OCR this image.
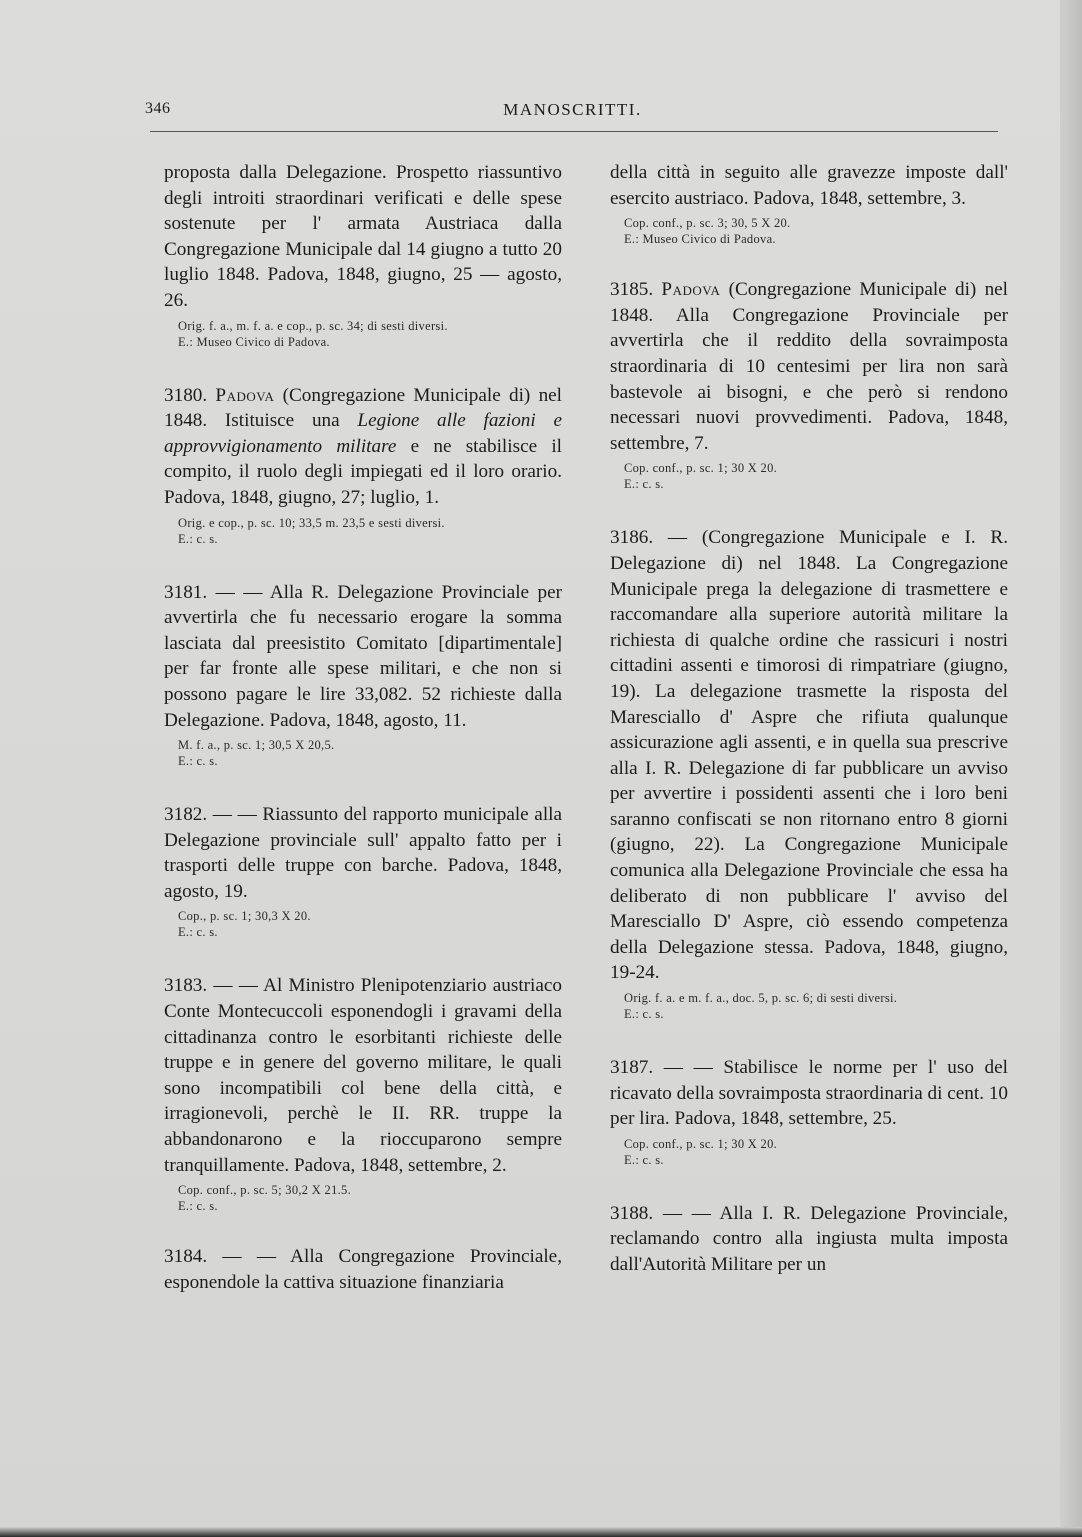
346	MANOSCRITTI.

proposta dalla Delegazione. Prospetto riassuntivo degli introiti straordinari verificati e delle spese sostenute per l' armata Austriaca dalla Congregazione Municipale dal 14 giugno a tutto 20 luglio 1848. Padova, 1848, giugno, 25 — agosto, 26.

Orig. f. a., m. f. a. e cop., p. sc. 34; di sesti diversi.

E.: Museo Civico di Padova.

3180. Padova (Congregazione Municipale di) nel 1848. Istituisce una Legione alle fazioni e approvvigionamento militare e ne stabilisce il compito, il ruolo degli impiegati ed il loro orario. Padova, 1848, giugno, 27; luglio, 1.

Orig. e cop., p. sc. 10; 33,5 m. 23,5 e sesti diversi.

E.: c. s.

3181. — — Alla R. Delegazione Provinciale per avvertirla che fu necessario erogare la somma lasciata dal preesistito Comitato [dipartimentale] per far fronte alle spese militari, e che non si possono pagare le lire 33,082. 52 richieste dalla Delegazione. Padova, 1848, agosto, 11.

M. f. a., p. sc. 1; 30,5 X 20,5.

E.: c. s.

3182. — — Riassunto del rapporto municipale alla Delegazione provinciale sull' appalto fatto per i trasporti delle truppe con barche. Padova, 1848, agosto, 19.

Cop., p. sc. 1; 30,3 X 20.

E.: c. s.

3183. — — Al Ministro Plenipotenziario austriaco Conte Montecuccoli esponendogli i gravami della cittadinanza contro le esorbitanti richieste delle truppe e in genere del governo militare, le quali sono incompatibili col bene della città, e irragionevoli, perchè le II. RR. truppe la abbandonarono e la rioccuparono sempre tranquillamente. Padova, 1848, settembre, 2.

Cop. conf., p. sc. 5; 30,2 X 21.5.

E.: c. s.

3184. — — Alla Congregazione Provinciale, esponendole la cattiva situazione finanziaria

della città in seguito alle gravezze imposte dall' esercito austriaco. Padova, 1848, settembre, 3.

Cop. conf., p. sc. 3; 30, 5 X 20.

E.: Museo Civico di Padova.

3185. Padova (Congregazione Municipale di) nel 1848. Alla Congregazione Provinciale per avvertirla che il reddito della sovraimposta straordinaria di 10 centesimi per lira non sarà bastevole ai bisogni, e che però si rendono necessari nuovi provvedimenti. Padova, 1848, settembre, 7.

Cop. conf., p. sc. 1; 30 X 20.

E.: c. s.

3186. — (Congregazione Municipale e I. R. Delegazione di) nel 1848. La Congregazione Municipale prega la delegazione di trasmettere e raccomandare alla superiore autorità militare la richiesta di qualche ordine che rassicuri i nostri cittadini assenti e timorosi di rimpatriare (giugno, 19). La delegazione trasmette la risposta del Maresciallo d' Aspre che rifiuta qualunque assicurazione agli assenti, e in quella sua prescrive alla I. R. Delegazione di far pubblicare un avviso per avvertire i possidenti assenti che i loro beni saranno confiscati se non ritornano entro 8 giorni (giugno, 22). La Congregazione Municipale comunica alla Delegazione Provinciale che essa ha deliberato di non pubblicare l' avviso del Maresciallo D' Aspre, ciò essendo competenza della Delegazione stessa. Padova, 1848, giugno, 19-24.

Orig. f. a. e m. f. a., doc. 5, p. sc. 6; di sesti diversi.

E.: c. s.

3187. — — Stabilisce le norme per l' uso del ricavato della sovraimposta straordinaria di cent. 10 per lira. Padova, 1848, settembre, 25.

Cop. conf., p. sc. 1; 30 X 20.

E.: c. s.

3188. — — Alla I. R. Delegazione Provinciale, reclamando contro alla ingiusta multa imposta dall'Autorità Militare per un
